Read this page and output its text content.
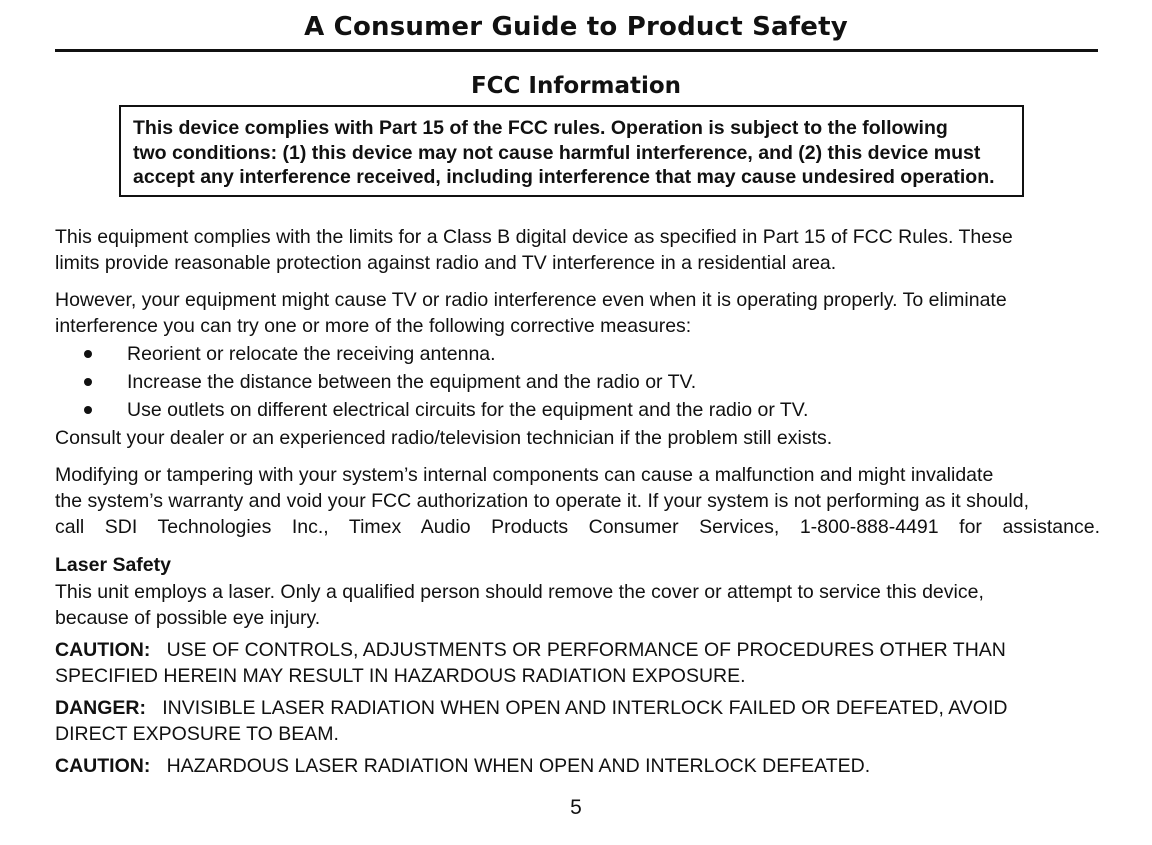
A Consumer Guide to Product Safety
FCC Information
This device complies with Part 15 of the FCC rules. Operation is subject to the following
two conditions: (1) this device may not cause harmful interference, and (2) this device must
accept any interference received, including interference that may cause undesired operation.
This equipment complies with the limits for a Class B digital device as specified in Part 15 of FCC Rules. These
limits provide reasonable protection against radio and TV interference in a residential area.
However, your equipment might cause TV or radio interference even when it is operating properly. To eliminate
interference you can try one or more of the following corrective measures:
Reorient or relocate the receiving antenna.
Increase the distance between the equipment and the radio or TV.
Use outlets on different electrical circuits for the equipment and the radio or TV.
Consult your dealer or an experienced radio/television technician if the problem still exists.
Modifying or tampering with your system’s internal components can cause a malfunction and might invalidate
the system’s warranty and void your FCC authorization to operate it. If your system is not performing as it should,
call SDI Technologies Inc., Timex Audio Products Consumer Services, 1-800-888-4491 for assistance.
Laser Safety
This unit employs a laser. Only a qualified person should remove the cover or attempt to service this device,
because of possible eye injury.
CAUTION: USE OF CONTROLS, ADJUSTMENTS OR PERFORMANCE OF PROCEDURES OTHER THAN
SPECIFIED HEREIN MAY RESULT IN HAZARDOUS RADIATION EXPOSURE.
DANGER: INVISIBLE LASER RADIATION WHEN OPEN AND INTERLOCK FAILED OR DEFEATED, AVOID
DIRECT EXPOSURE TO BEAM.
CAUTION: HAZARDOUS LASER RADIATION WHEN OPEN AND INTERLOCK DEFEATED.
5
